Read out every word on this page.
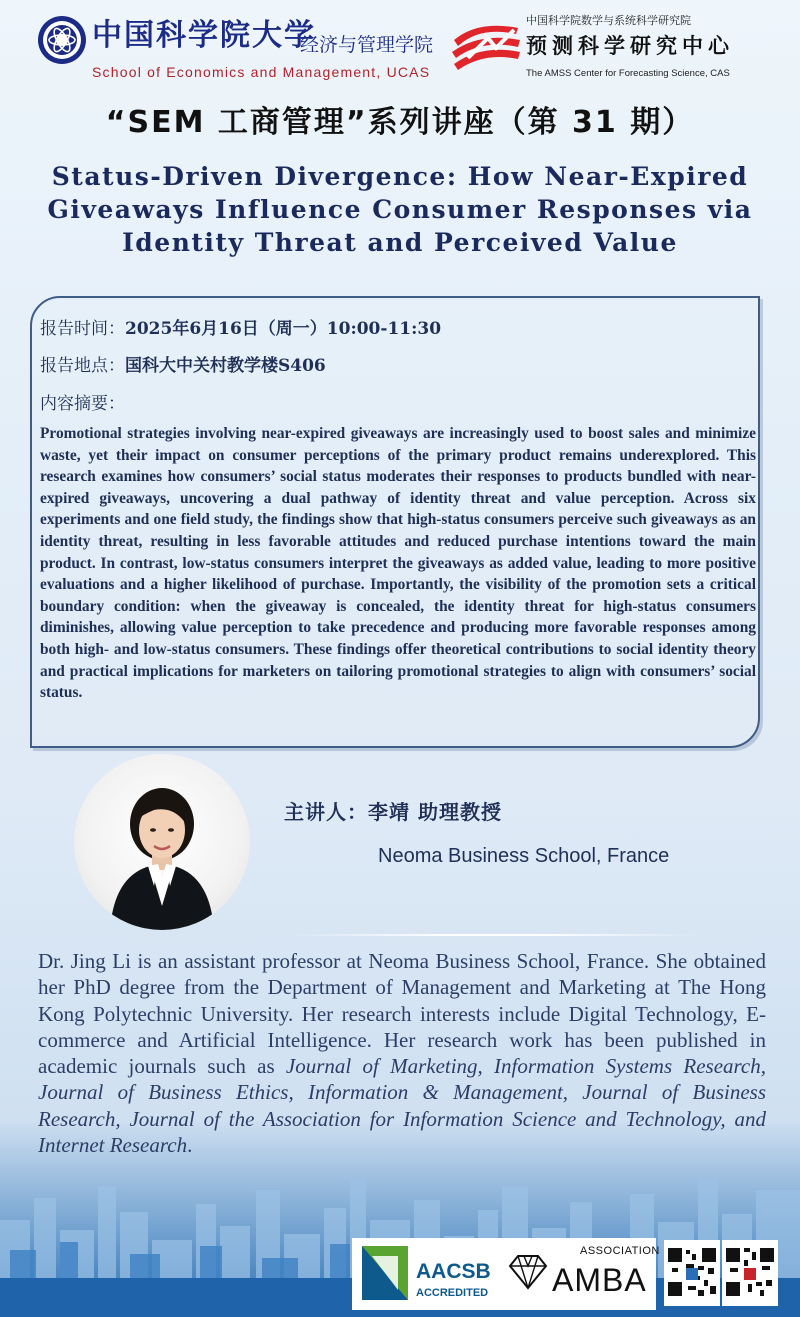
中国科学院大学
经济与管理学院
School of Economics and Management, UCAS
中国科学院数学与系统科学研究院
预测科学研究中心
The AMSS Center for Forecasting Science, CAS
“SEM 工商管理”系列讲座（第 31 期）
Status-Driven Divergence: How Near-Expired Giveaways Influence Consumer Responses via Identity Threat and Perceived Value
报告时间：2025年6月16日（周一）10:00-11:30
报告地点：国科大中关村教学楼S406
内容摘要：
Promotional strategies involving near-expired giveaways are increasingly used to boost sales and minimize waste, yet their impact on consumer perceptions of the primary product remains underexplored. This research examines how consumers’ social status moderates their responses to products bundled with near-expired giveaways, uncovering a dual pathway of identity threat and value perception. Across six experiments and one field study, the findings show that high-status consumers perceive such giveaways as an identity threat, resulting in less favorable attitudes and reduced purchase intentions toward the main product. In contrast, low-status consumers interpret the giveaways as added value, leading to more positive evaluations and a higher likelihood of purchase. Importantly, the visibility of the promotion sets a critical boundary condition: when the giveaway is concealed, the identity threat for high-status consumers diminishes, allowing value perception to take precedence and producing more favorable responses among both high- and low-status consumers. These findings offer theoretical contributions to social identity theory and practical implications for marketers on tailoring promotional strategies to align with consumers’ social status.
主讲人：李靖 助理教授
Neoma Business School, France
Dr. Jing Li is an assistant professor at Neoma Business School, France. She obtained her PhD degree from the Department of Management and Marketing at The Hong Kong Polytechnic University. Her research interests include Digital Technology, E-commerce and Artificial Intelligence. Her research work has been published in academic journals such as Journal of Marketing, Information Systems Research, Journal of Business Ethics, Information & Management, Journal of Business Research, Journal of the Association for Information Science and Technology, and Internet Research.
AACSB
ACCREDITED
ASSOCIATION
AMBA
